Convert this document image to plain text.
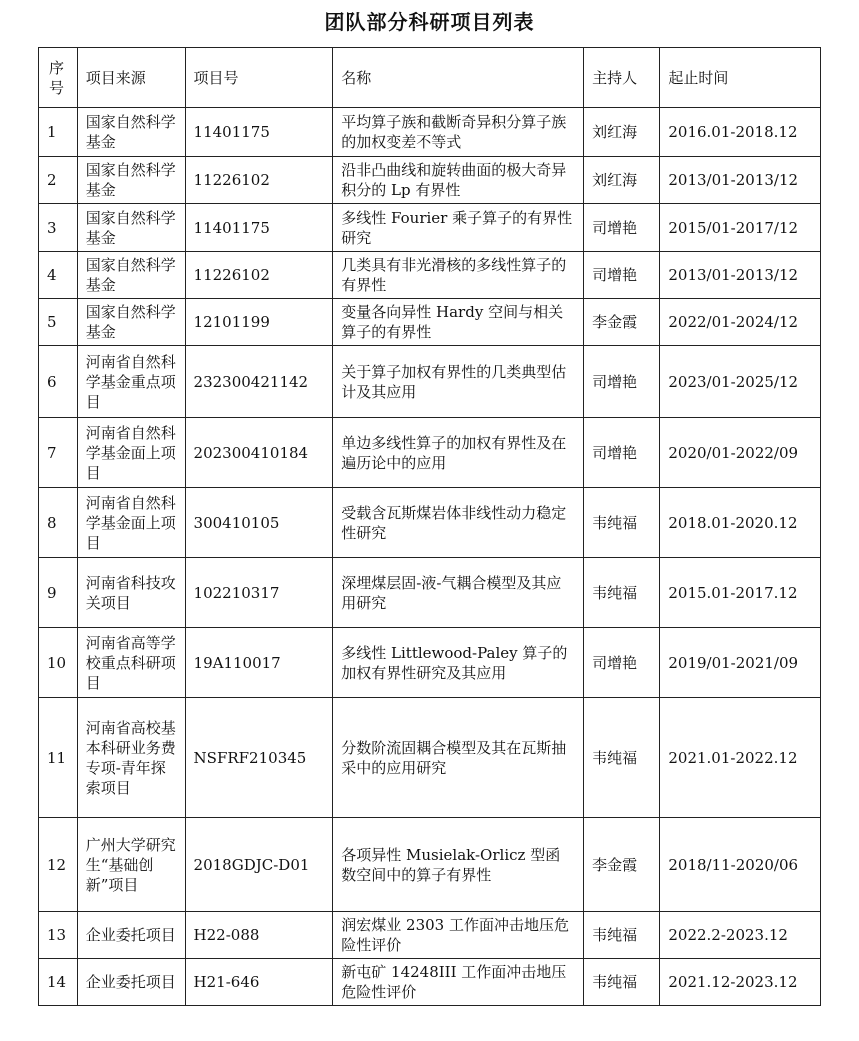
团队部分科研项目列表
序号	项目来源	项目号	名称	主持人	起止时间
1	国家自然科学基金	11401175	平均算子族和截断奇异积分算子族的加权变差不等式	刘红海	2016.01-2018.12
2	国家自然科学基金	11226102	沿非凸曲线和旋转曲面的极大奇异积分的 Lp 有界性	刘红海	2013/01-2013/12
3	国家自然科学基金	11401175	多线性 Fourier 乘子算子的有界性研究	司增艳	2015/01-2017/12
4	国家自然科学基金	11226102	几类具有非光滑核的多线性算子的有界性	司增艳	2013/01-2013/12
5	国家自然科学基金	12101199	变量各向异性 Hardy 空间与相关算子的有界性	李金霞	2022/01-2024/12
6	河南省自然科学基金重点项目	232300421142	关于算子加权有界性的几类典型估计及其应用	司增艳	2023/01-2025/12
7	河南省自然科学基金面上项目	202300410184	单边多线性算子的加权有界性及在遍历论中的应用	司增艳	2020/01-2022/09
8	河南省自然科学基金面上项目	300410105	受载含瓦斯煤岩体非线性动力稳定性研究	韦纯福	2018.01-2020.12
9	河南省科技攻关项目	102210317	深埋煤层固-液-气耦合模型及其应用研究	韦纯福	2015.01-2017.12
10	河南省高等学校重点科研项目	19A110017	多线性 Littlewood-Paley 算子的加权有界性研究及其应用	司增艳	2019/01-2021/09
11	河南省高校基本科研业务费专项-青年探索项目	NSFRF210345	分数阶流固耦合模型及其在瓦斯抽采中的应用研究	韦纯福	2021.01-2022.12
12	广州大学研究生“基础创新”项目	2018GDJC-D01	各项异性 Musielak-Orlicz 型函数空间中的算子有界性	李金霞	2018/11-2020/06
13	企业委托项目	H22-088	润宏煤业 2303 工作面冲击地压危险性评价	韦纯福	2022.2-2023.12
14	企业委托项目	H21-646	新屯矿 14248III 工作面冲击地压危险性评价	韦纯福	2021.12-2023.12
